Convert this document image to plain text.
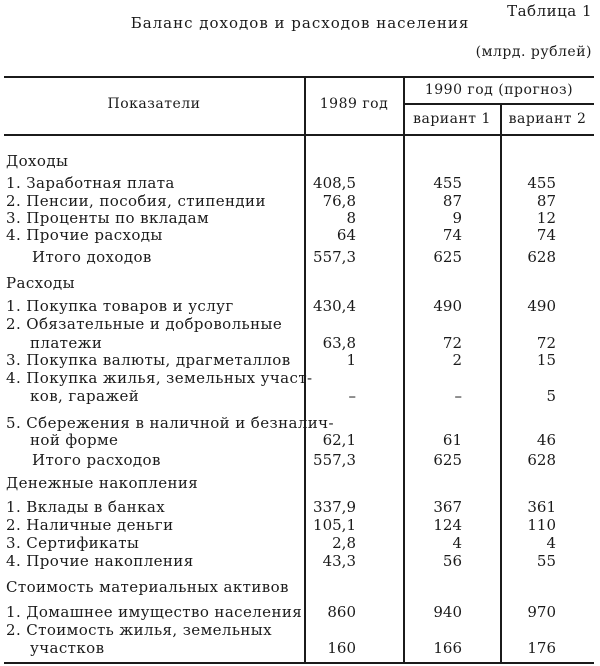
Таблица 1
Баланс доходов и расходов населения
(млрд. рублей)
Показатели	1989 год
1990 год (прогноз)
вариант 1	вариант 2
Доходы
1. Заработная плата	408,5	455	455
2. Пенсии, пособия, стипендии	76,8	87	87
3. Проценты по вкладам	8	9	12
4. Прочие расходы	64	74	74
Итого доходов	557,3	625	628
Расходы
1. Покупка товаров и услуг	430,4	490	490
2. Обязательные и добровольные
платежи	63,8	72	72
3. Покупка валюты, драгметаллов	1	2	15
4. Покупка жилья, земельных участ-
ков, гаражей	–	–	5
5. Сбережения в наличной и безналич-
ной форме	62,1	61	46
Итого расходов	557,3	625	628
Денежные накопления
1. Вклады в банках	337,9	367	361
2. Наличные деньги	105,1	124	110
3. Сертификаты	2,8	4	4
4. Прочие накопления	43,3	56	55
Стоимость материальных активов
1. Домашнее имущество населения	860	940	970
2. Стоимость жилья, земельных
участков	160	166	176
